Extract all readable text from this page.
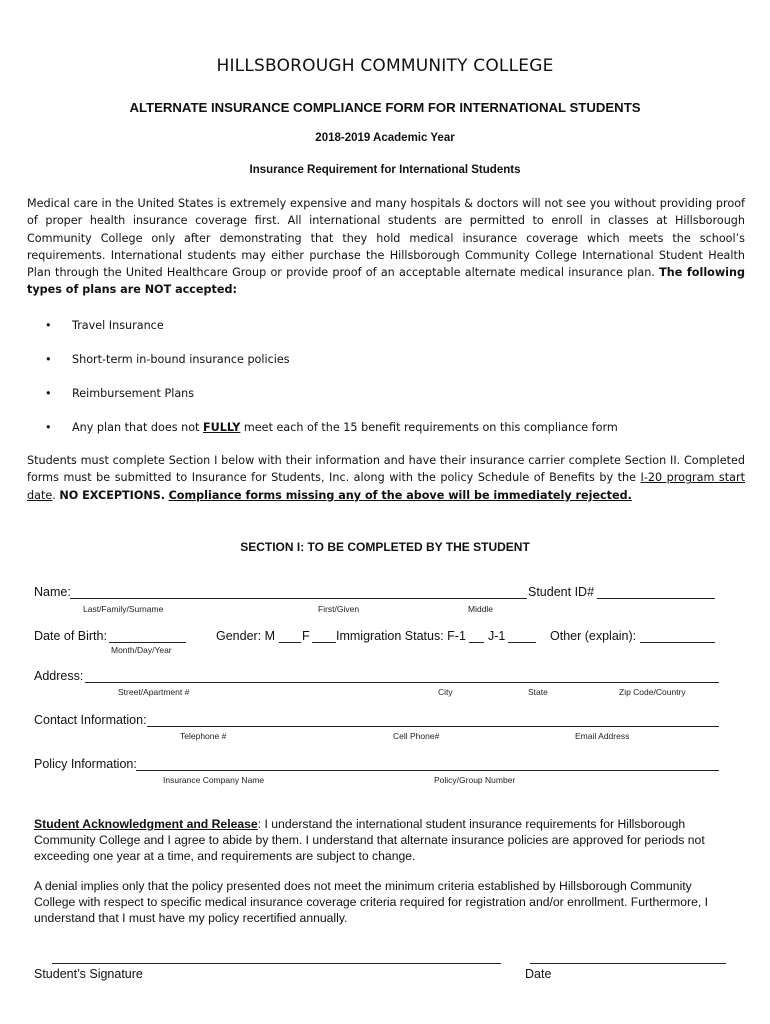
HILLSBOROUGH COMMUNITY COLLEGE
ALTERNATE INSURANCE COMPLIANCE FORM FOR INTERNATIONAL STUDENTS
2018-2019 Academic Year
Insurance Requirement for International Students

Medical care in the United States is extremely expensive and many hospitals & doctors will not see you without providing proof of proper health insurance coverage first. All international students are permitted to enroll in classes at Hillsborough Community College only after demonstrating that they hold medical insurance coverage which meets the school’s requirements. International students may either purchase the Hillsborough Community College International Student Health Plan through the United Healthcare Group or provide proof of an acceptable alternate medical insurance plan. The following types of plans are NOT accepted:

• Travel Insurance
• Short-term in-bound insurance policies
• Reimbursement Plans
• Any plan that does not FULLY meet each of the 15 benefit requirements on this compliance form

Students must complete Section I below with their information and have their insurance carrier complete Section II. Completed forms must be submitted to Insurance for Students, Inc. along with the policy Schedule of Benefits by the I-20 program start date. NO EXCEPTIONS. Compliance forms missing any of the above will be immediately rejected.

SECTION I: TO BE COMPLETED BY THE STUDENT
Name:	Student ID#
Last/Family/Surname	First/Given	Middle
Date of Birth:
Month/Day/Year
Gender: M F Immigration Status: F-1 J-1	Other (explain):
Address:
Street/Apartment #	City	State	Zip Code/Country
Contact Information:
Telephone #	Cell Phone#	Email Address
Policy Information:
Insurance Company Name	Policy/Group Number

Student Acknowledgment and Release: I understand the international student insurance requirements for Hillsborough Community College and I agree to abide by them. I understand that alternate insurance policies are approved for periods not exceeding one year at a time, and requirements are subject to change.

A denial implies only that the policy presented does not meet the minimum criteria established by Hillsborough Community College with respect to specific medical insurance coverage criteria required for registration and/or enrollment. Furthermore, I understand that I must have my policy recertified annually.

Student’s Signature	Date
